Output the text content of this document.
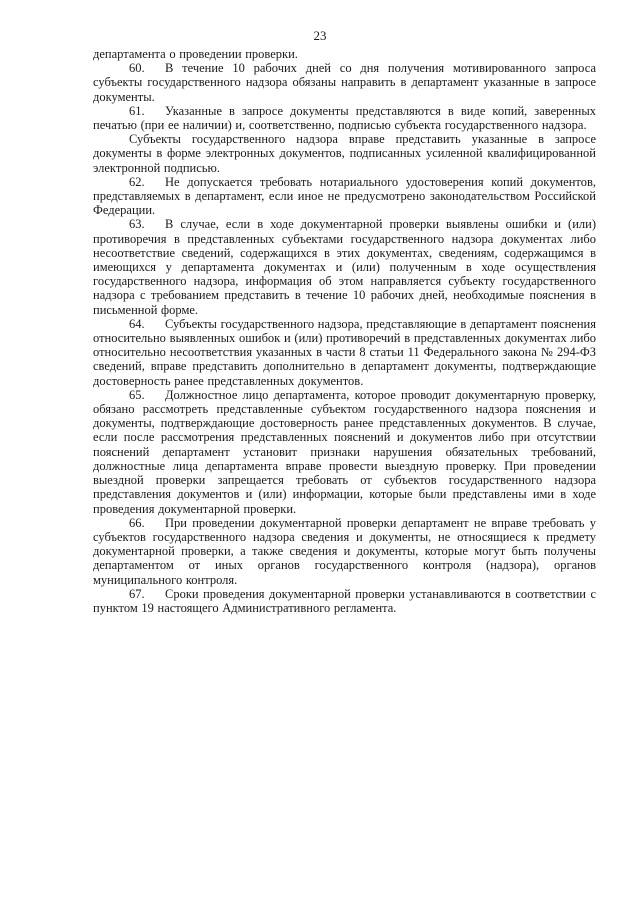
23

департамента о проведении проверки.

60. В течение 10 рабочих дней со дня получения мотивированного запроса субъекты государственного надзора обязаны направить в департамент указанные в запросе документы.

61. Указанные в запросе документы представляются в виде копий, заверенных печатью (при ее наличии) и, соответственно, подписью субъекта государственного надзора.

Субъекты государственного надзора вправе представить указанные в запросе документы в форме электронных документов, подписанных усиленной квалифицированной электронной подписью.

62. Не допускается требовать нотариального удостоверения копий документов, представляемых в департамент, если иное не предусмотрено законодательством Российской Федерации.

63. В случае, если в ходе документарной проверки выявлены ошибки и (или) противоречия в представленных субъектами государственного надзора документах либо несоответствие сведений, содержащихся в этих документах, сведениям, содержащимся в имеющихся у департамента документах и (или) полученным в ходе осуществления государственного надзора, информация об этом направляется субъекту государственного надзора с требованием представить в течение 10 рабочих дней, необходимые пояснения в письменной форме.

64. Субъекты государственного надзора, представляющие в департамент пояснения относительно выявленных ошибок и (или) противоречий в представленных документах либо относительно несоответствия указанных в части 8 статьи 11 Федерального закона № 294-ФЗ сведений, вправе представить дополнительно в департамент документы, подтверждающие достоверность ранее представленных документов.

65. Должностное лицо департамента, которое проводит документарную проверку, обязано рассмотреть представленные субъектом государственного надзора пояснения и документы, подтверждающие достоверность ранее представленных документов. В случае, если после рассмотрения представленных пояснений и документов либо при отсутствии пояснений департамент установит признаки нарушения обязательных требований, должностные лица департамента вправе провести выездную проверку. При проведении выездной проверки запрещается требовать от субъектов государственного надзора представления документов и (или) информации, которые были представлены ими в ходе проведения документарной проверки.

66. При проведении документарной проверки департамент не вправе требовать у субъектов государственного надзора сведения и документы, не относящиеся к предмету документарной проверки, а также сведения и документы, которые могут быть получены департаментом от иных органов государственного контроля (надзора), органов муниципального контроля.

67. Сроки проведения документарной проверки устанавливаются в соответствии с пунктом 19 настоящего Административного регламента.
